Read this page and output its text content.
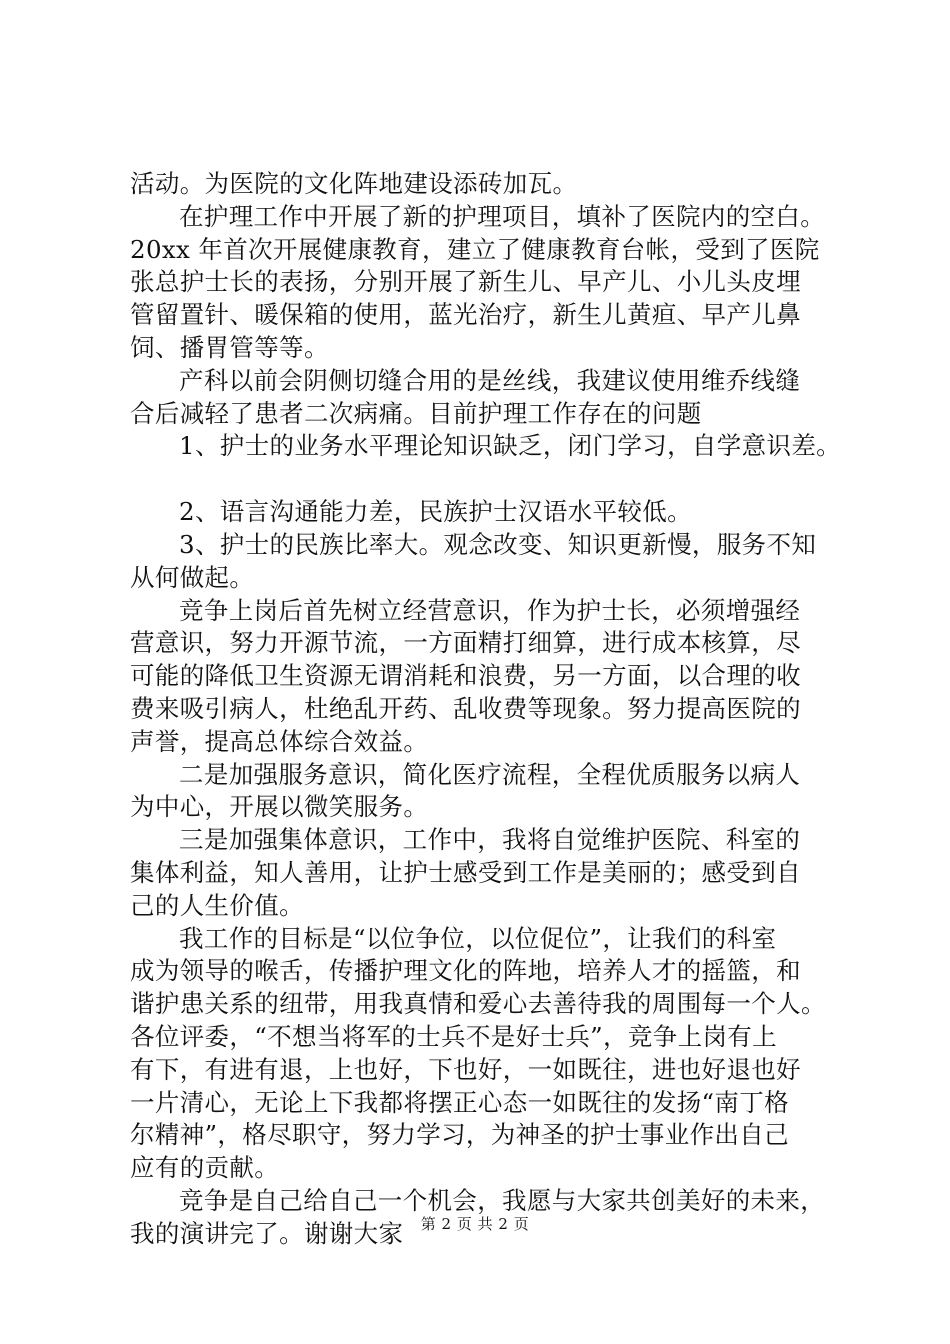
活动。为医院的文化阵地建设添砖加瓦。
在护理工作中开展了新的护理项目，填补了医院内的空白。
20xx 年首次开展健康教育，建立了健康教育台帐，受到了医院
张总护士长的表扬，分别开展了新生儿、早产儿、小儿头皮埋
管留置针、暖保箱的使用，蓝光治疗，新生儿黄疸、早产儿鼻
饲、播胃管等等。
产科以前会阴侧切缝合用的是丝线，我建议使用维乔线缝
合后减轻了患者二次病痛。目前护理工作存在的问题
1、护士的业务水平理论知识缺乏，闭门学习，自学意识差。
2、语言沟通能力差，民族护士汉语水平较低。
3、护士的民族比率大。观念改变、知识更新慢，服务不知
从何做起。
竞争上岗后首先树立经营意识，作为护士长，必须增强经
营意识，努力开源节流，一方面精打细算，进行成本核算，尽
可能的降低卫生资源无谓消耗和浪费，另一方面，以合理的收
费来吸引病人，杜绝乱开药、乱收费等现象。努力提高医院的
声誉，提高总体综合效益。
二是加强服务意识，简化医疗流程，全程优质服务以病人
为中心，开展以微笑服务。
三是加强集体意识，工作中，我将自觉维护医院、科室的
集体利益，知人善用，让护士感受到工作是美丽的；感受到自
己的人生价值。
我工作的目标是“以位争位，以位促位”，让我们的科室
成为领导的喉舌，传播护理文化的阵地，培养人才的摇篮，和
谐护患关系的纽带，用我真情和爱心去善待我的周围每一个人。
各位评委，“不想当将军的士兵不是好士兵”，竞争上岗有上
有下，有进有退，上也好，下也好，一如既往，进也好退也好
一片清心，无论上下我都将摆正心态一如既往的发扬“南丁格
尔精神”，格尽职守，努力学习，为神圣的护士事业作出自己
应有的贡献。
竞争是自己给自己一个机会，我愿与大家共创美好的未来，
我的演讲完了。谢谢大家	第 2 页 共 2 页
